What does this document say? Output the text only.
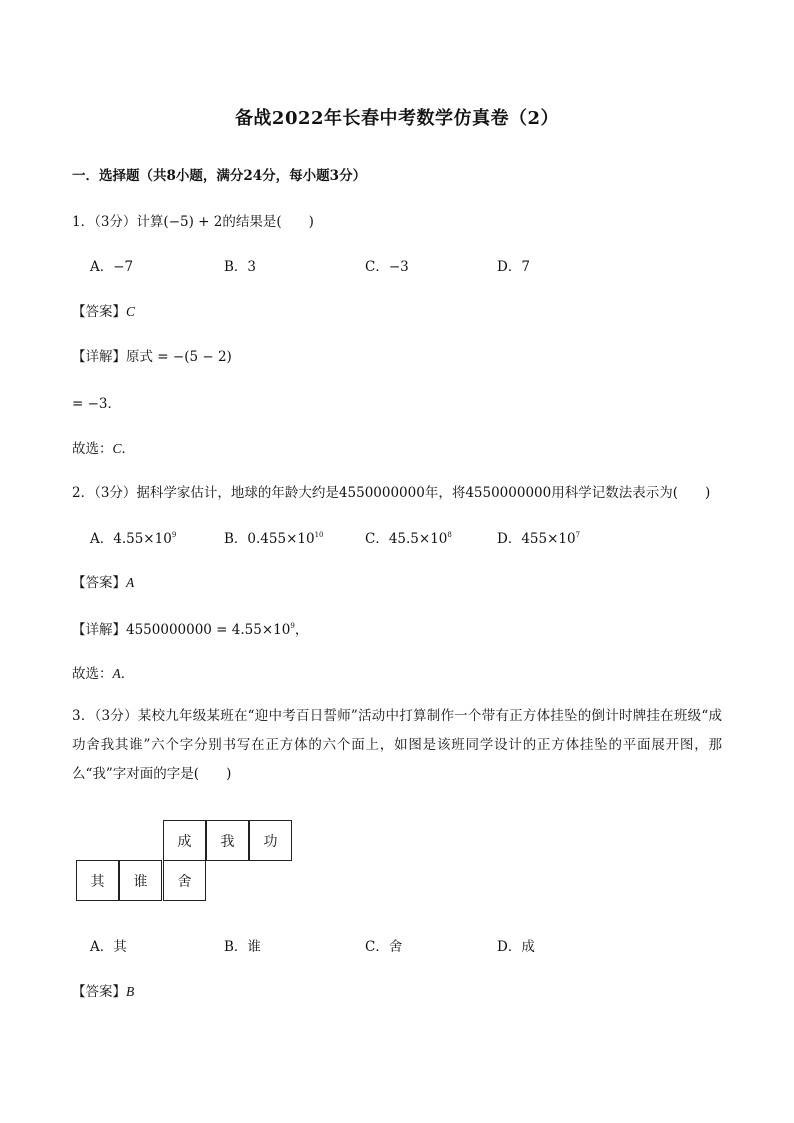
备战2022年长春中考数学仿真卷（2）
一．选择题（共8小题，满分24分，每小题3分）
1．（3分）计算(−5) + 2的结果是(　　)
A．−7	B．3	C．−3	D．7
【答案】C
【详解】原式 = −(5 − 2)
= −3．
故选：C．
2．（3分）据科学家估计，地球的年龄大约是4550000000年，将4550000000用科学记数法表示为(　　)
A．$4.55\times 10^9$	B．$0.455\times 10^{10}$	C．$45.5\times 10^8$	D．$455\times 10^7$
【答案】A
【详解】$4550000000 = 4.55\times 10^9$，
故选：A．
3．（3分）某校九年级某班在“迎中考百日誓师”活动中打算制作一个带有正方体挂坠的倒计时牌挂在班级“成功舍我其谁”六个字分别书写在正方体的六个面上，如图是该班同学设计的正方体挂坠的平面展开图，那么“我”字对面的字是(　　)
成	我	功
其	谁	舍
A．其	B．谁	C．舍	D．成
【答案】B
